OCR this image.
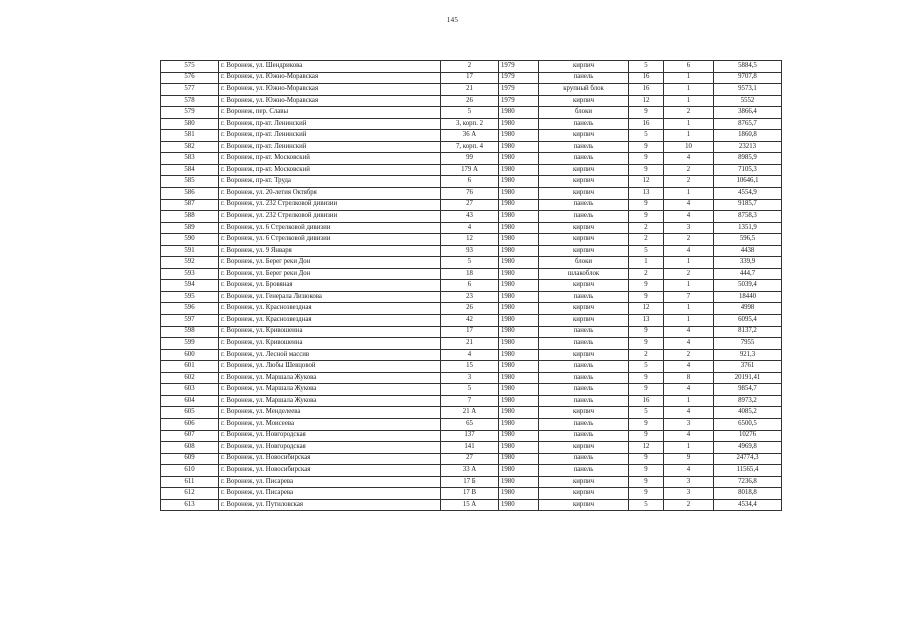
145
575	г. Воронеж, ул. Шендрикова	2	1979	кирпич	5	6	5884,5
576	г. Воронеж, ул. Южно-Моравская	17	1979	панель	16	1	9707,8
577	г. Воронеж, ул. Южно-Моравская	21	1979	крупный блок	16	1	9573,1
578	г. Воронеж, ул. Южно-Моравская	26	1979	кирпич	12	1	5552
579	г. Воронеж, пер. Славы	5	1980	блоки	9	2	3866,4
580	г. Воронеж, пр-кт. Ленинский	3, корп. 2	1980	панель	16	1	8765,7
581	г. Воронеж, пр-кт. Ленинский	36 А	1980	кирпич	5	1	1860,8
582	г. Воронеж, пр-кт. Ленинский	7, корп. 4	1980	панель	9	10	23213
583	г. Воронеж, пр-кт. Московский	99	1980	панель	9	4	8985,9
584	г. Воронеж, пр-кт. Московский	179 А	1980	кирпич	9	2	7105,3
585	г. Воронеж, пр-кт. Труда	6	1980	кирпич	12	2	10646,1
586	г. Воронеж, ул. 20-летия Октября	76	1980	кирпич	13	1	4554,9
587	г. Воронеж, ул. 232 Стрелковой дивизии	27	1980	панель	9	4	9185,7
588	г. Воронеж, ул. 232 Стрелковой дивизии	43	1980	панель	9	4	8758,3
589	г. Воронеж, ул. 6 Стрелковой дивизии	4	1980	кирпич	2	3	1351,9
590	г. Воронеж, ул. 6 Стрелковой дивизии	12	1980	кирпич	2	2	596,5
591	г. Воронеж, ул. 9 Января	93	1980	кирпич	5	4	4438
592	г. Воронеж, ул. Берег реки Дон	5	1980	блоки	1	1	339,9
593	г. Воронеж, ул. Берег реки Дон	18	1980	шлакоблок	2	2	444,7
594	г. Воронеж, ул. Бровяная	6	1980	кирпич	9	1	5039,4
595	г. Воронеж, ул. Генерала Лизюкова	23	1980	панель	9	7	18440
596	г. Воронеж, ул. Краснозвездная	26	1980	кирпич	12	1	4998
597	г. Воронеж, ул. Краснозвездная	42	1980	кирпич	13	1	6095,4
598	г. Воронеж, ул. Кривошеина	17	1980	панель	9	4	8137,2
599	г. Воронеж, ул. Кривошеина	21	1980	панель	9	4	7955
600	г. Воронеж, ул. Лесной массив	4	1980	кирпич	2	2	921,3
601	г. Воронеж, ул. Любы Шевцовой	15	1980	панель	5	4	3761
602	г. Воронеж, ул. Маршала Жукова	3	1980	панель	9	8	20191,41
603	г. Воронеж, ул. Маршала Жукова	5	1980	панель	9	4	9854,7
604	г. Воронеж, ул. Маршала Жукова	7	1980	панель	16	1	8973,2
605	г. Воронеж, ул. Менделеева	21 А	1980	кирпич	5	4	4085,2
606	г. Воронеж, ул. Моисеева	65	1980	панель	9	3	6500,5
607	г. Воронеж, ул. Новгородская	137	1980	панель	9	4	10276
608	г. Воронеж, ул. Новгородская	141	1980	кирпич	12	1	4969,8
609	г. Воронеж, ул. Новосибирская	27	1980	панель	9	9	24774,3
610	г. Воронеж, ул. Новосибирская	33 А	1980	панель	9	4	11565,4
611	г. Воронеж, ул. Писарева	17 Б	1980	кирпич	9	3	7236,8
612	г. Воронеж, ул. Писарева	17 В	1980	кирпич	9	3	8018,8
613	г. Воронеж, ул. Путиловская	15 А	1980	кирпич	5	2	4534,4
